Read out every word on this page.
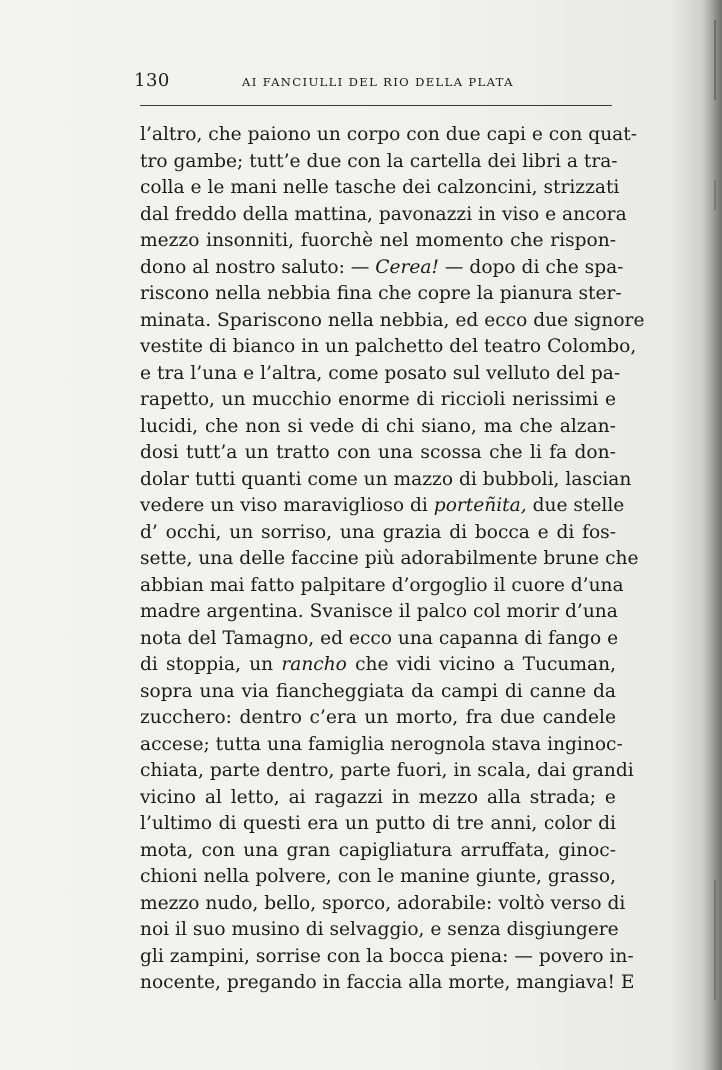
130	AI FANCIULLI DEL RIO DELLA PLATA
l’altro, che paiono un corpo con due capi e con quat-
tro gambe; tutt’e due con la cartella dei libri a tra-
colla e le mani nelle tasche dei calzoncini, strizzati
dal freddo della mattina, pavonazzi in viso e ancora
mezzo insonniti, fuorchè nel momento che rispon-
dono al nostro saluto: — Cerea! — dopo di che spa-
riscono nella nebbia fina che copre la pianura ster-
minata. Spariscono nella nebbia, ed ecco due signore
vestite di bianco in un palchetto del teatro Colombo,
e tra l’una e l’altra, come posato sul velluto del pa-
rapetto, un mucchio enorme di riccioli nerissimi e
lucidi, che non si vede di chi siano, ma che alzan-
dosi tutt’a un tratto con una scossa che li fa don-
dolar tutti quanti come un mazzo di bubboli, lascian
vedere un viso maraviglioso di porteñita, due stelle
d’ occhi, un sorriso, una grazia di bocca e di fos-
sette, una delle faccine più adorabilmente brune che
abbian mai fatto palpitare d’orgoglio il cuore d’una
madre argentina. Svanisce il palco col morir d’una
nota del Tamagno, ed ecco una capanna di fango e
di stoppia, un rancho che vidi vicino a Tucuman,
sopra una via fiancheggiata da campi di canne da
zucchero: dentro c’era un morto, fra due candele
accese; tutta una famiglia nerognola stava inginoc-
chiata, parte dentro, parte fuori, in scala, dai grandi
vicino al letto, ai ragazzi in mezzo alla strada; e
l’ultimo di questi era un putto di tre anni, color di
mota, con una gran capigliatura arruffata, ginoc-
chioni nella polvere, con le manine giunte, grasso,
mezzo nudo, bello, sporco, adorabile: voltò verso di
noi il suo musino di selvaggio, e senza disgiungere
gli zampini, sorrise con la bocca piena: — povero in-
nocente, pregando in faccia alla morte, mangiava! E
